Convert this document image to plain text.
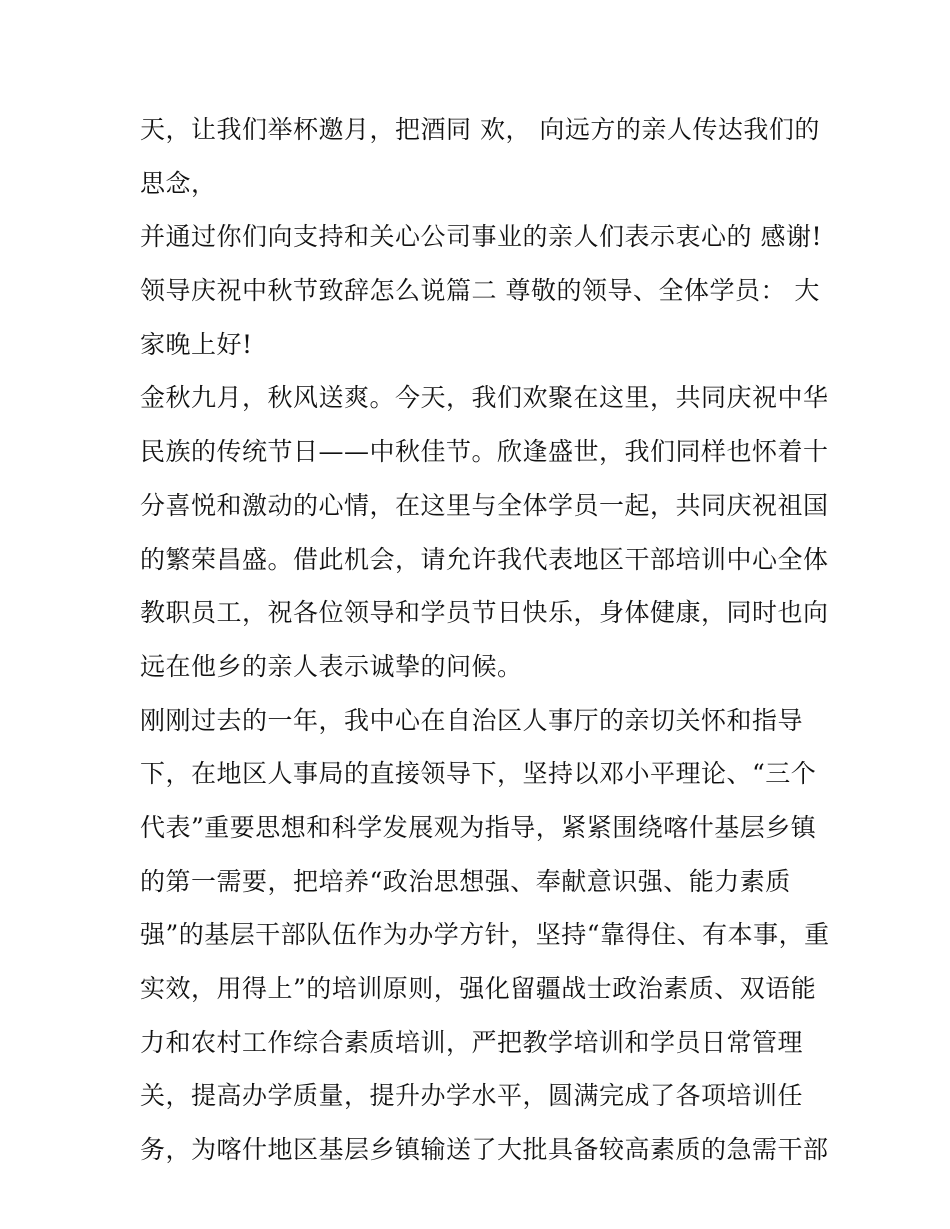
天，让我们举杯邀月，把酒同 欢， 向远方的亲人传达我们的
思念，
并通过你们向支持和关心公司事业的亲人们表示衷心的 感谢!
领导庆祝中秋节致辞怎么说篇二 尊敬的领导、全体学员： 大
家晚上好!
金秋九月，秋风送爽。今天，我们欢聚在这里，共同庆祝中华
民族的传统节日——中秋佳节。欣逢盛世，我们同样也怀着十
分喜悦和激动的心情，在这里与全体学员一起，共同庆祝祖国
的繁荣昌盛。借此机会，请允许我代表地区干部培训中心全体
教职员工，祝各位领导和学员节日快乐，身体健康，同时也向
远在他乡的亲人表示诚挚的问候。
刚刚过去的一年，我中心在自治区人事厅的亲切关怀和指导
下，在地区人事局的直接领导下，坚持以邓小平理论、“三个
代表”重要思想和科学发展观为指导，紧紧围绕喀什基层乡镇
的第一需要，把培养“政治思想强、奉献意识强、能力素质
强”的基层干部队伍作为办学方针，坚持“靠得住、有本事，重
实效，用得上”的培训原则，强化留疆战士政治素质、双语能
力和农村工作综合素质培训，严把教学培训和学员日常管理
关，提高办学质量，提升办学水平，圆满完成了各项培训任
务，为喀什地区基层乡镇输送了大批具备较高素质的急需干部
